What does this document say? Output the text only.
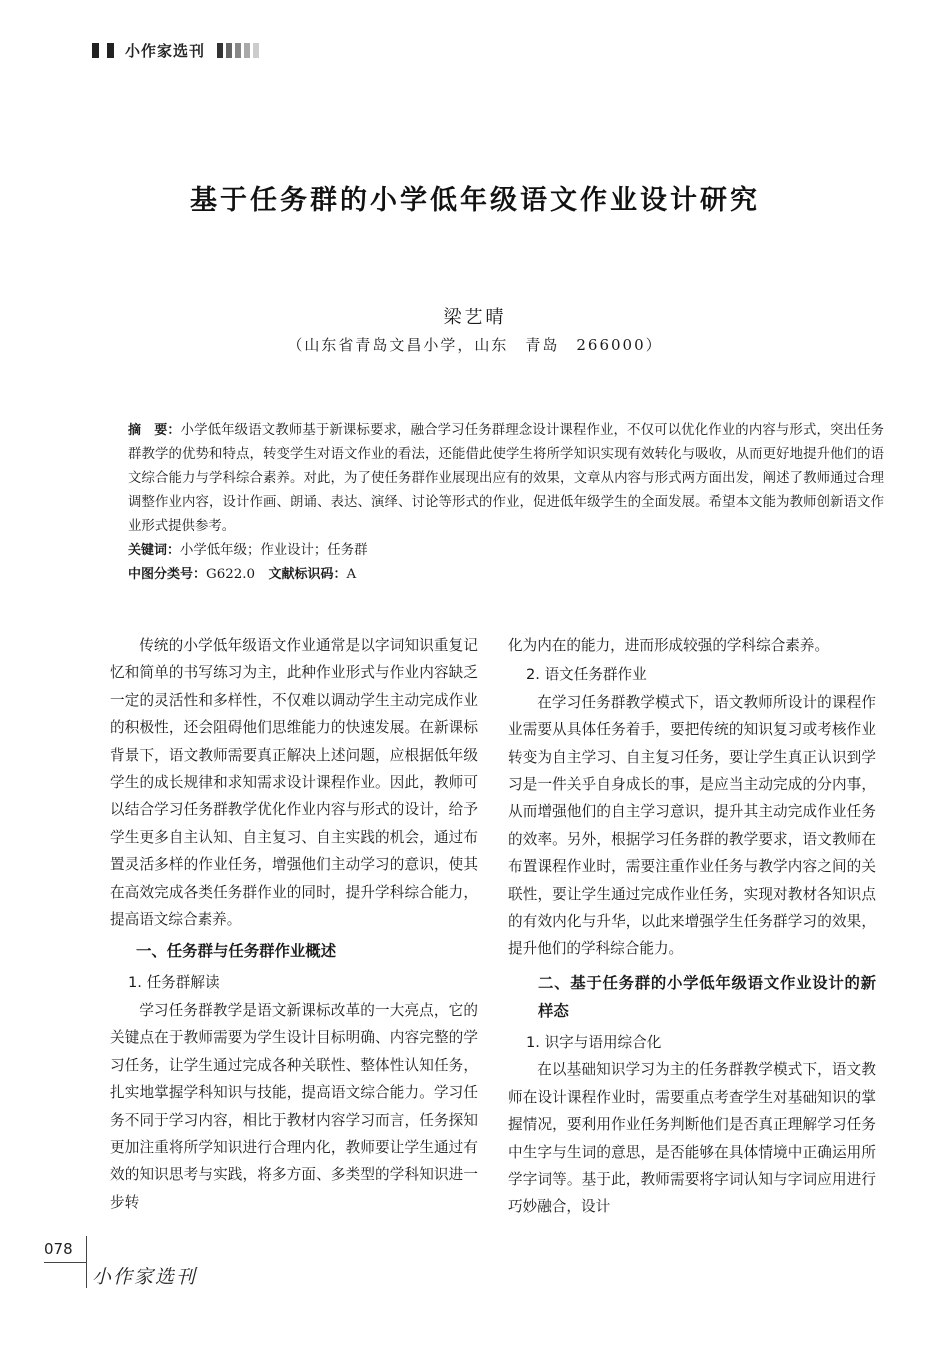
小作家选刊
基于任务群的小学低年级语文作业设计研究
梁艺晴
（山东省青岛文昌小学，山东　青岛　266000）

摘　要：小学低年级语文教师基于新课标要求，融合学习任务群理念设计课程作业，不仅可以优化作业的内容与形式，突出任务群教学的优势和特点，转变学生对语文作业的看法，还能借此使学生将所学知识实现有效转化与吸收，从而更好地提升他们的语文综合能力与学科综合素养。对此，为了使任务群作业展现出应有的效果，文章从内容与形式两方面出发，阐述了教师通过合理调整作业内容，设计作画、朗诵、表达、演绎、讨论等形式的作业，促进低年级学生的全面发展。希望本文能为教师创新语文作业形式提供参考。

关键词：小学低年级；作业设计；任务群

中图分类号：G622.0　 文献标识码：A

传统的小学低年级语文作业通常是以字词知识重复记忆和简单的书写练习为主，此种作业形式与作业内容缺乏一定的灵活性和多样性，不仅难以调动学生主动完成作业的积极性，还会阻碍他们思维能力的快速发展。在新课标背景下，语文教师需要真正解决上述问题，应根据低年级学生的成长规律和求知需求设计课程作业。因此，教师可以结合学习任务群教学优化作业内容与形式的设计，给予学生更多自主认知、自主复习、自主实践的机会，通过布置灵活多样的作业任务，增强他们主动学习的意识，使其在高效完成各类任务群作业的同时，提升学科综合能力，提高语文综合素养。

一、任务群与任务群作业概述
1. 任务群解读

学习任务群教学是语文新课标改革的一大亮点，它的关键点在于教师需要为学生设计目标明确、内容完整的学习任务，让学生通过完成各种关联性、整体性认知任务，扎实地掌握学科知识与技能，提高语文综合能力。学习任务不同于学习内容，相比于教材内容学习而言，任务探知更加注重将所学知识进行合理内化，教师要让学生通过有效的知识思考与实践，将多方面、多类型的学科知识进一步转

化为内在的能力，进而形成较强的学科综合素养。

2. 语文任务群作业

在学习任务群教学模式下，语文教师所设计的课程作业需要从具体任务着手，要把传统的知识复习或考核作业转变为自主学习、自主复习任务，要让学生真正认识到学习是一件关乎自身成长的事，是应当主动完成的分内事，从而增强他们的自主学习意识，提升其主动完成作业任务的效率。另外，根据学习任务群的教学要求，语文教师在布置课程作业时，需要注重作业任务与教学内容之间的关联性，要让学生通过完成作业任务，实现对教材各知识点的有效内化与升华，以此来增强学生任务群学习的效果，提升他们的学科综合能力。

二、基于任务群的小学低年级语文作业设计的新样态
1. 识字与语用综合化

在以基础知识学习为主的任务群教学模式下，语文教师在设计课程作业时，需要重点考查学生对基础知识的掌握情况，要利用作业任务判断他们是否真正理解学习任务中生字与生词的意思，是否能够在具体情境中正确运用所学字词等。基于此，教师需要将字词认知与字词应用进行巧妙融合，设计

078
小作家选刊
